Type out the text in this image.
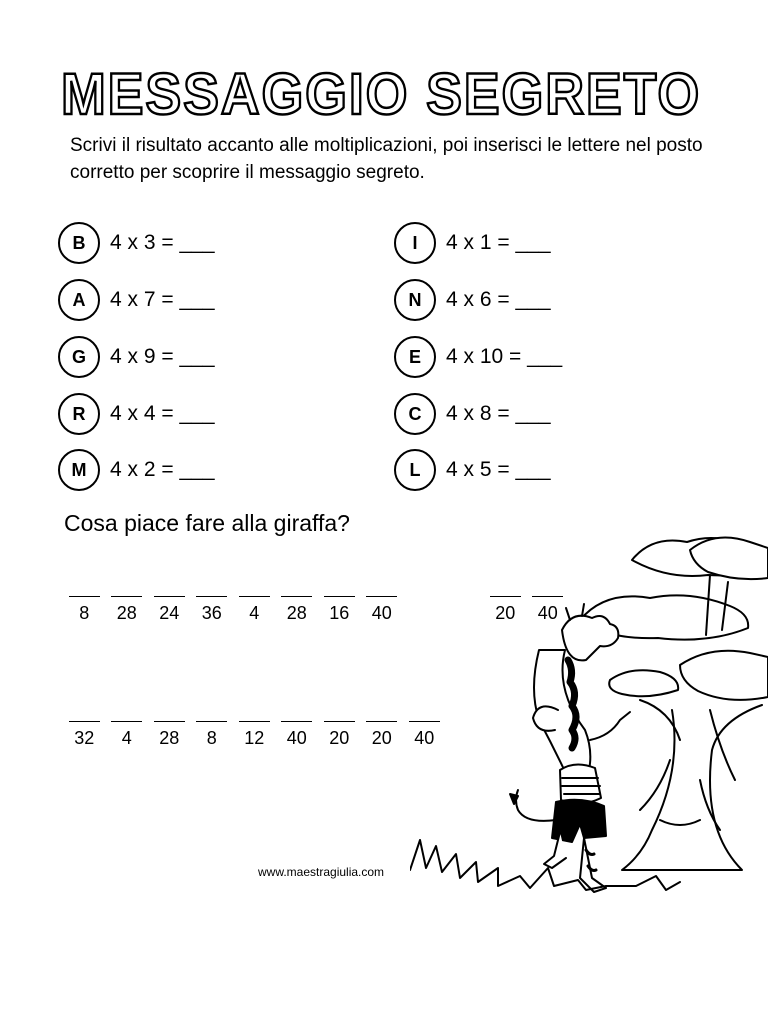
MESSAGGIO SEGRETO
Scrivi il risultato accanto alle moltiplicazioni, poi inserisci le lettere nel posto corretto per scoprire il messaggio segreto.
B	4 x 3 = ___
A	4 x 7 = ___
G	4 x 9 = ___
R	4 x 4 = ___
M	4 x 2 = ___
I	4 x 1 = ___
N	4 x 6 = ___
E	4 x 10 = ___
C	4 x 8 = ___
L	4 x 5 = ___
Cosa piace fare alla giraffa?
8	28	24	36	4	28	16	40	20	40
32	4	28	8	12	40	20	20	40
www.maestragiulia.com
